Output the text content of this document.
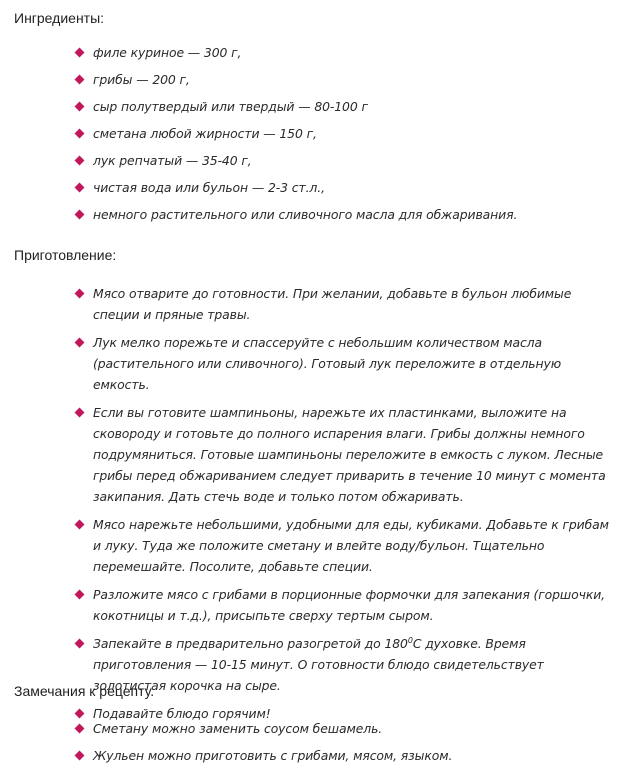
Ингредиенты:
филе куриное — 300 г,
грибы — 200 г,
сыр полутвердый или твердый — 80-100 г
сметана любой жирности — 150 г,
лук репчатый — 35-40 г,
чистая вода или бульон — 2-3 ст.л.,
немного растительного или сливочного масла для обжаривания.
Приготовление:
Мясо отварите до готовности. При желании, добавьте в бульон любимые специи и пряные травы.
Лук мелко порежьте и спассеруйте с небольшим количеством масла (растительного или сливочного). Готовый лук переложите в отдельную емкость.
Если вы готовите шампиньоны, нарежьте их пластинками, выложите на сковороду и готовьте до полного испарения влаги. Грибы должны немного подрумяниться. Готовые шампиньоны переложите в емкость с луком. Лесные грибы перед обжариванием следует приварить в течение 10 минут с момента закипания. Дать стечь воде и только потом обжаривать.
Мясо нарежьте небольшими, удобными для еды, кубиками. Добавьте к грибам и луку. Туда же положите сметану и влейте воду/бульон. Тщательно перемешайте. Посолите, добавьте специи.
Разложите мясо с грибами в порционные формочки для запекания (горшочки, кокотницы и т.д.), присыпьте сверху тертым сыром.
Запекайте в предварительно разогретой до $180^0С$ духовке. Время приготовления — 10-15 минут. О готовности блюдо свидетельствует золотистая корочка на сыре.
Подавайте блюдо горячим!
Замечания к рецепту.
Сметану можно заменить соусом бешамель.
Жульен можно приготовить с грибами, мясом, языком.
